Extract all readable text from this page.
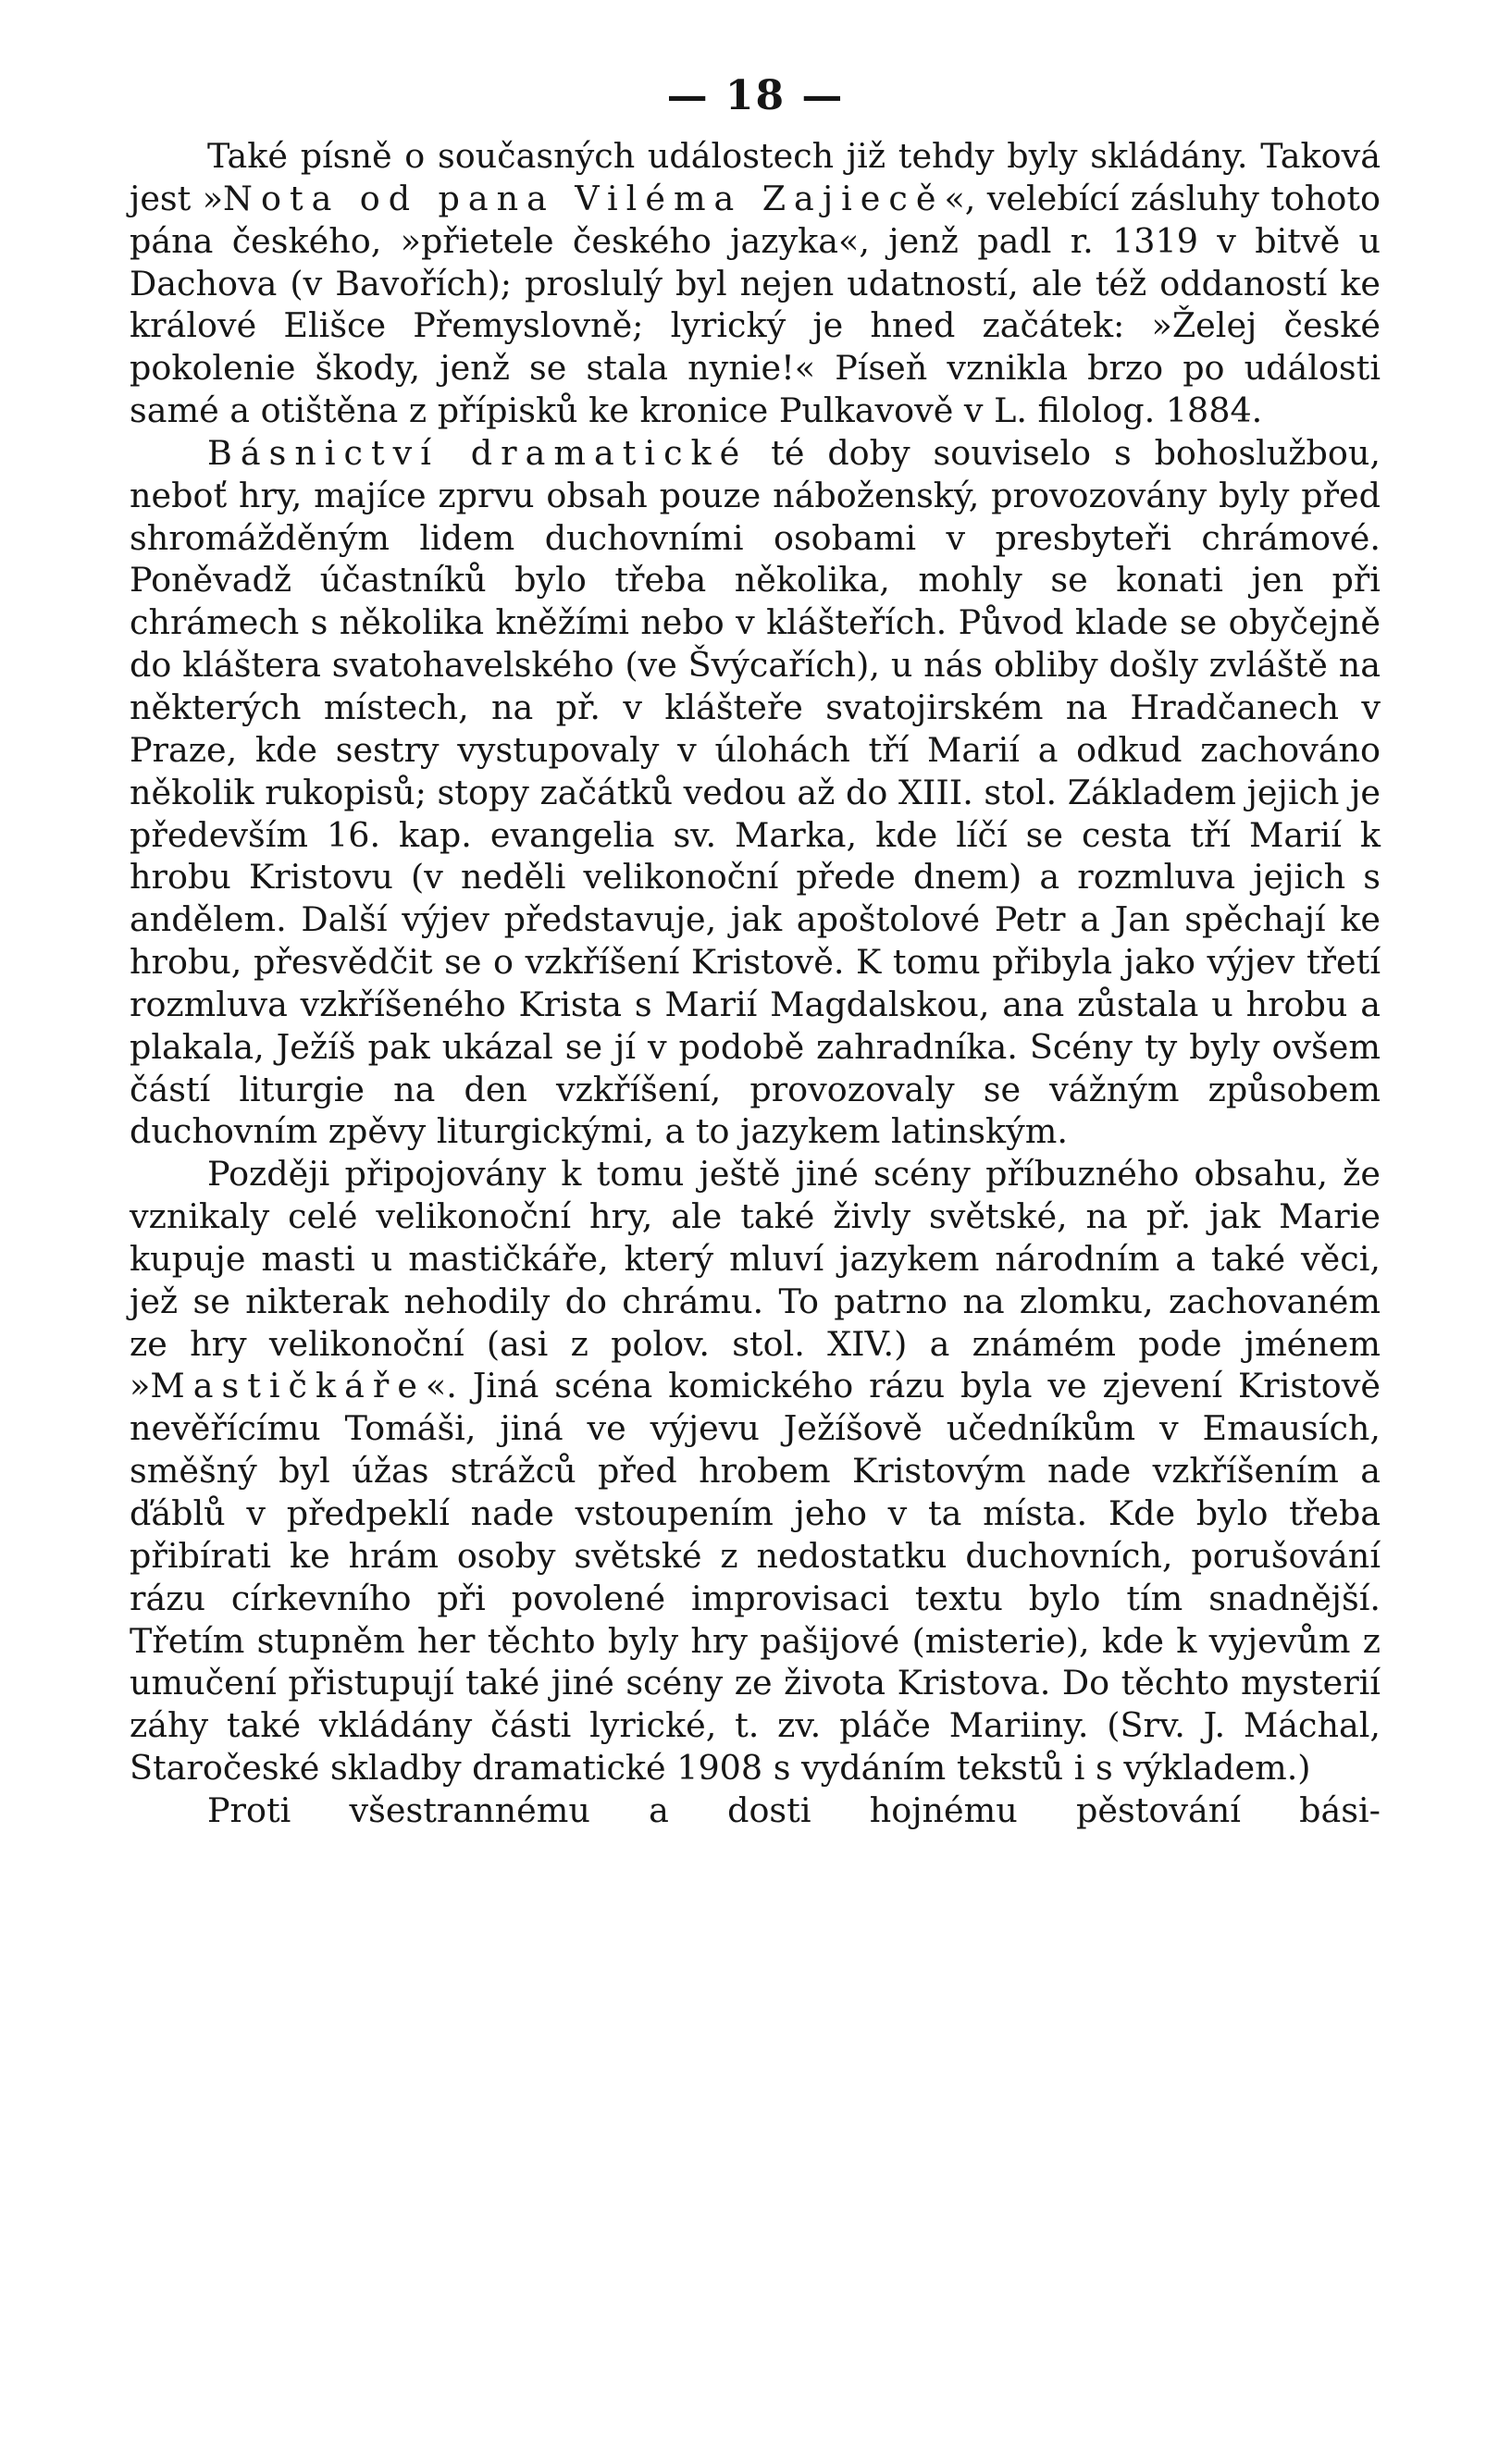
— 18 —

Také písně o současných událostech již tehdy byly skládány. Taková jest »Nota od pana Viléma Zajiecě«, velebící zásluhy tohoto pána českého, »přietele českého jazyka«, jenž padl r. 1319 v bitvě u Dachova (v Bavořích); proslulý byl nejen udatností, ale též oddaností ke králové Elišce Přemyslovně; lyrický je hned začátek: »Želej české pokolenie škody, jenž se stala nynie!« Píseň vznikla brzo po události samé a otištěna z přípisků ke kronice Pulkavově v L. filolog. 1884.

Básnictví dramatické té doby souviselo s bohoslužbou, neboť hry, majíce zprvu obsah pouze náboženský, provozovány byly před shromážděným lidem duchovními osobami v presbyteři chrámové. Poněvadž účastníků bylo třeba několika, mohly se konati jen při chrámech s několika kněžími nebo v klášteřích. Původ klade se obyčejně do kláštera svatohavelského (ve Švýcařích), u nás obliby došly zvláště na některých místech, na př. v klášteře svatojirském na Hradčanech v Praze, kde sestry vystupovaly v úlohách tří Marií a odkud zachováno několik rukopisů; stopy začátků vedou až do XIII. stol. Základem jejich je především 16. kap. evangelia sv. Marka, kde líčí se cesta tří Marií k hrobu Kristovu (v neděli velikonoční přede dnem) a rozmluva jejich s andělem. Další výjev představuje, jak apoštolové Petr a Jan spěchají ke hrobu, přesvědčit se o vzkříšení Kristově. K tomu přibyla jako výjev třetí rozmluva vzkříšeného Krista s Marií Magdalskou, ana zůstala u hrobu a plakala, Ježíš pak ukázal se jí v podobě zahradníka. Scény ty byly ovšem částí liturgie na den vzkříšení, provozovaly se vážným způsobem duchovním zpěvy liturgickými, a to jazykem latinským.

Později připojovány k tomu ještě jiné scény příbuzného obsahu, že vznikaly celé velikonoční hry, ale také živly světské, na př. jak Marie kupuje masti u mastičkáře, který mluví jazykem národním a také věci, jež se nikterak nehodily do chrámu. To patrno na zlomku, zachovaném ze hry velikonoční (asi z polov. stol. XIV.) a známém pode jménem »Mastičkáře«. Jiná scéna komického rázu byla ve zjevení Kristově nevěřícímu Tomáši, jiná ve výjevu Ježíšově učedníkům v Emausích, směšný byl úžas strážců před hrobem Kristovým nade vzkříšením a ďáblů v předpeklí nade vstoupením jeho v ta místa. Kde bylo třeba přibírati ke hrám osoby světské z nedostatku duchovních, porušování rázu církevního při povolené improvisaci textu bylo tím snadnější. Třetím stupněm her těchto byly hry pašijové (misterie), kde k vyjevům z umučení přistupují také jiné scény ze života Kristova. Do těchto mysterií záhy také vkládány části lyrické, t. zv. pláče Mariiny. (Srv. J. Máchal, Staročeské skladby dramatické 1908 s vydáním tekstů i s výkladem.)

Proti všestrannému a dosti hojnému pěstování bási-
